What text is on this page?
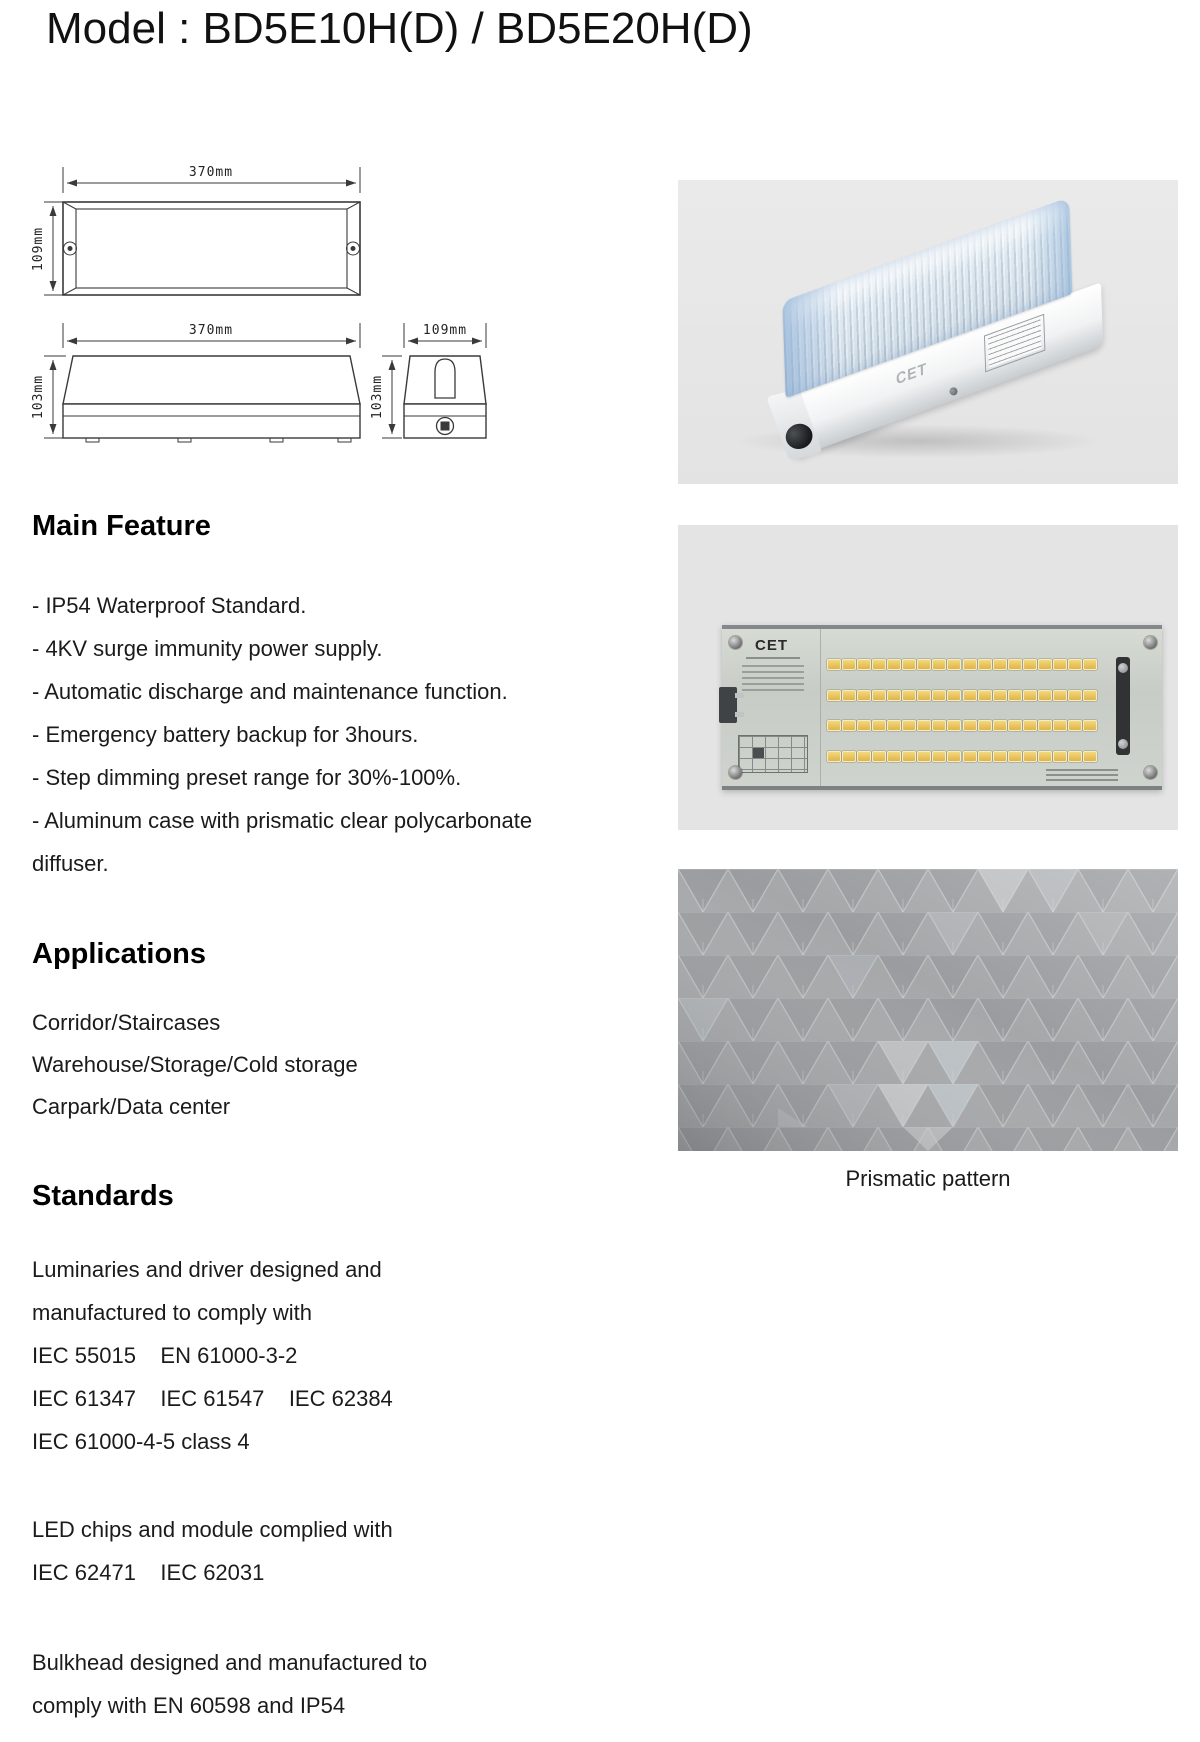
Model : BD5E10H(D) / BD5E20H(D)
370mm
109mm
370mm
103mm
109mm
103mm
Main Feature
- IP54 Waterproof Standard.
- 4KV surge immunity power supply.
- Automatic discharge and maintenance function.
- Emergency battery backup for 3hours.
- Step dimming preset range for 30%-100%.
- Aluminum case with prismatic clear polycarbonate diffuser.
Applications
Corridor/Staircases
Warehouse/Storage/Cold storage
Carpark/Data center
Standards
Luminaries and driver designed and
manufactured to comply with
IEC 55015    EN 61000-3-2
IEC 61347    IEC 61547    IEC 62384
IEC 61000-4-5 class 4
LED chips and module complied with
IEC 62471    IEC 62031
Bulkhead designed and manufactured to
comply with EN 60598 and IP54
CET
CET
Prismatic pattern
